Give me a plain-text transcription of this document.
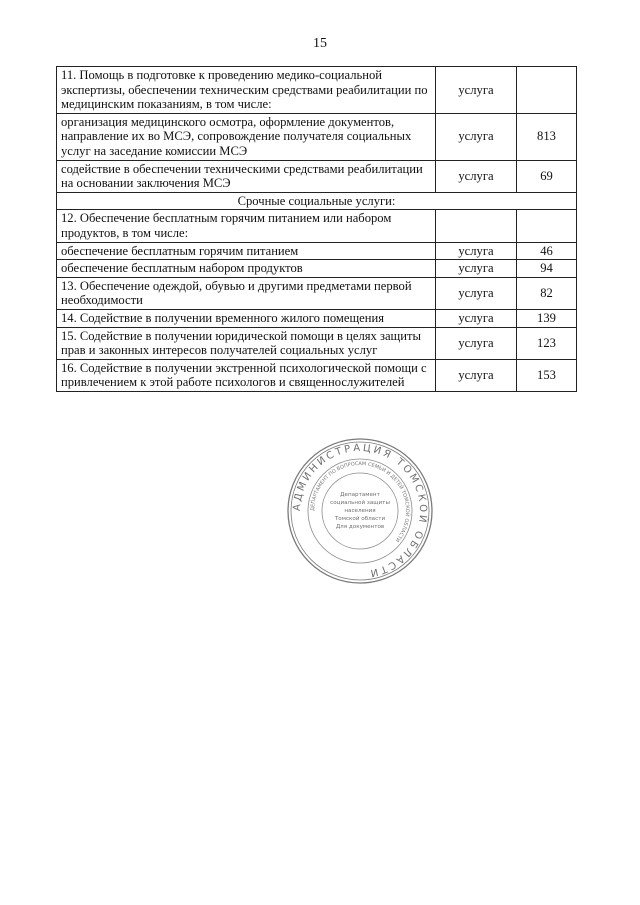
15
11. Помощь в подготовке к проведению медико-социальной экспертизы, обеспечении техническим средствами реабилитации по медицинским показаниям, в том числе:	услуга	
организация медицинского осмотра, оформление документов, направление их во МСЭ, сопровождение получателя социальных услуг на заседание комиссии МСЭ	услуга	813
содействие в обеспечении техническими средствами реабилитации на основании заключения МСЭ	услуга	69
Срочные социальные услуги:		
12. Обеспечение бесплатным горячим питанием или набором продуктов, в том числе:		
обеспечение бесплатным горячим питанием	услуга	46
обеспечение бесплатным набором продуктов	услуга	94
13. Обеспечение одеждой, обувью и другими предметами первой необходимости	услуга	82
14. Содействие в получении временного жилого помещения	услуга	139
15. Содействие в получении юридической помощи в целях защиты прав и законных интересов получателей социальных услуг	услуга	123
16. Содействие в получении экстренной психологической помощи с привлечением к этой работе психологов и священнослужителей	услуга	153
АДМИНИСТРАЦИЯ ТОМСКОЙ ОБЛАСТИ
ДЕПАРТАМЕНТ ПО ВОПРОСАМ СЕМЬИ И ДЕТЕЙ ТОМСКОЙ ОБЛАСТИ
Департамент
социальной защиты
населения
Томской области
Для документов
